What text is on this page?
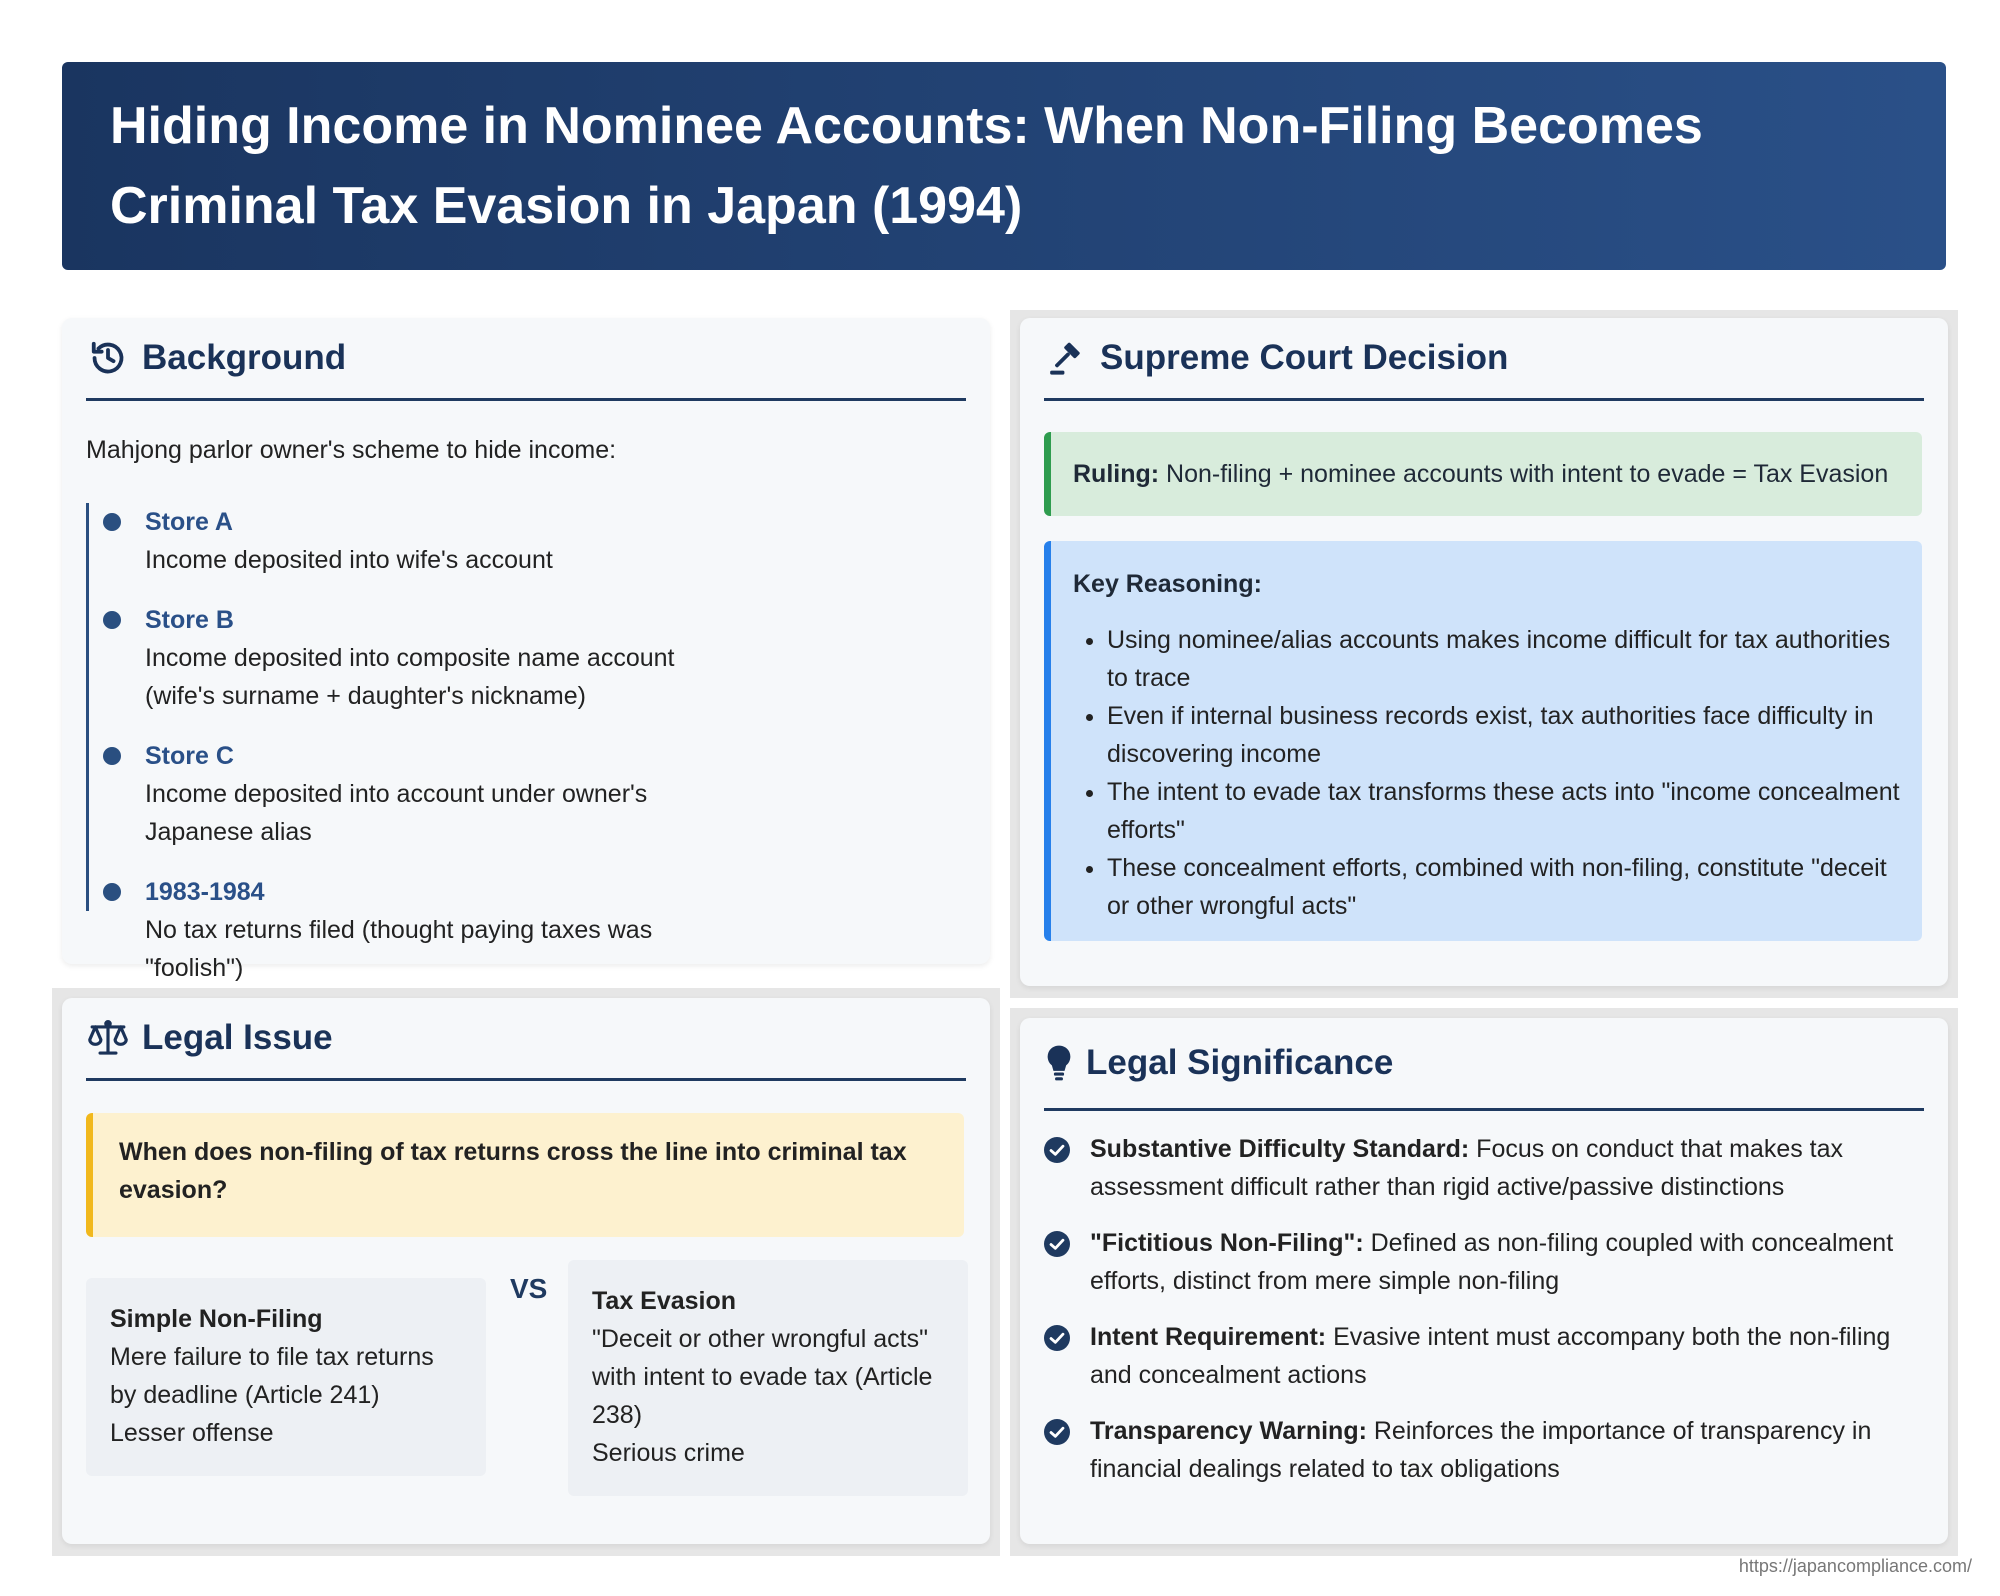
Hiding Income in Nominee Accounts: When Non-Filing Becomes Criminal Tax Evasion in Japan (1994)
Background
Mahjong parlor owner's scheme to hide income:
Store A
Income deposited into wife's account
Store B
Income deposited into composite name account (wife's surname + daughter's nickname)
Store C
Income deposited into account under owner's Japanese alias
1983-1984
No tax returns filed (thought paying taxes was "foolish")
Supreme Court Decision
Ruling: Non-filing + nominee accounts with intent to evade = Tax Evasion
Key Reasoning:
• Using nominee/alias accounts makes income difficult for tax authorities to trace
• Even if internal business records exist, tax authorities face difficulty in discovering income
• The intent to evade tax transforms these acts into "income concealment efforts"
• These concealment efforts, combined with non-filing, constitute "deceit or other wrongful acts"
Legal Issue
When does non-filing of tax returns cross the line into criminal tax evasion?
Simple Non-Filing
Mere failure to file tax returns by deadline (Article 241)
Lesser offense
VS Tax Evasion
"Deceit or other wrongful acts" with intent to evade tax (Article 238)
Serious crime
Legal Significance
Substantive Difficulty Standard: Focus on conduct that makes tax assessment difficult rather than rigid active/passive distinctions
"Fictitious Non-Filing": Defined as non-filing coupled with concealment efforts, distinct from mere simple non-filing
Intent Requirement: Evasive intent must accompany both the non-filing and concealment actions
Transparency Warning: Reinforces the importance of transparency in financial dealings related to tax obligations
https://japancompliance.com/
